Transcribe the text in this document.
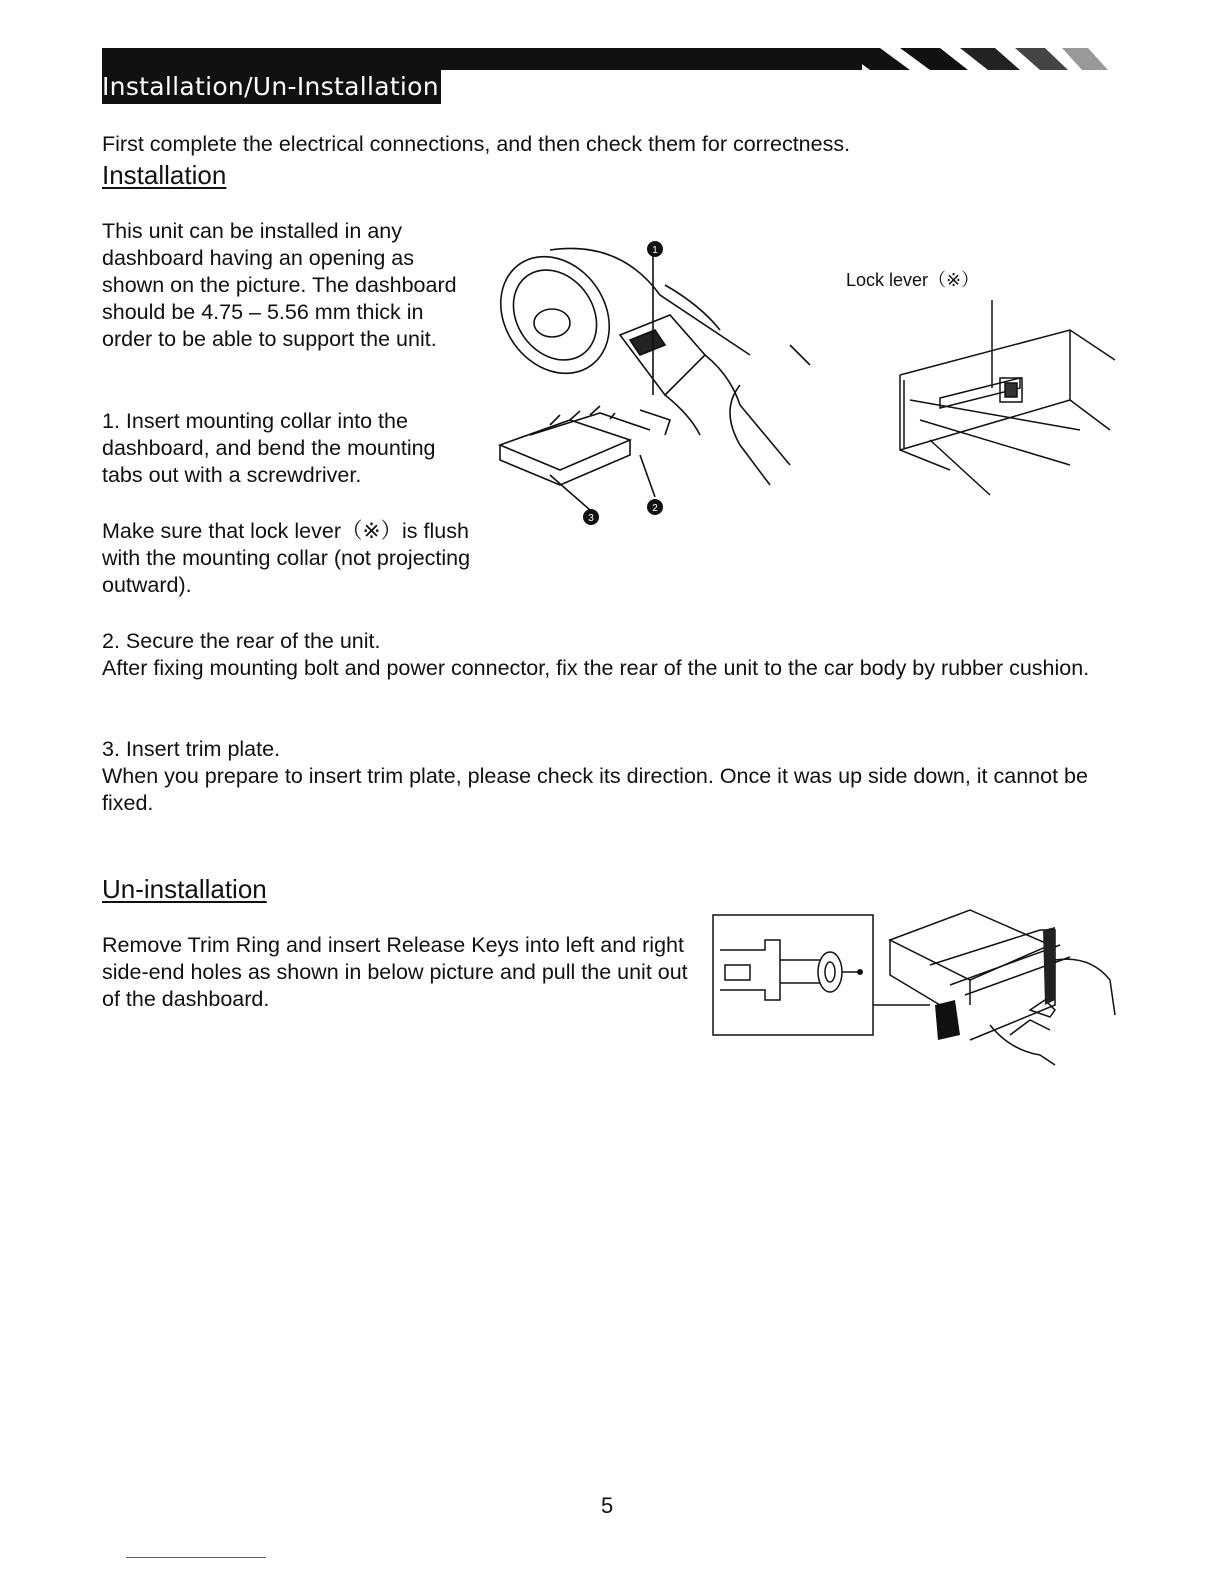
Installation/Un-Installation
First complete the electrical connections, and then check them for correctness.
Installation
This unit can be installed in any dashboard having an opening as shown on the picture. The dashboard should be 4.75 – 5.56 mm thick in order to be able to support the unit.
1. Insert mounting collar into the dashboard, and bend the mounting tabs out with a screwdriver.
Make sure that lock lever（※）is flush with the mounting collar (not projecting outward).
1
2
3
Lock lever（※）
2. Secure the rear of the unit.
After fixing mounting bolt and power connector, fix the rear of the unit to the car body by rubber cushion.
3. Insert trim plate.
When you prepare to insert trim plate, please check its direction. Once it was up side down, it cannot be fixed.
Un-installation
Remove Trim Ring and insert Release Keys into left and right side-end holes as shown in below picture and pull the unit out of the dashboard.
5
